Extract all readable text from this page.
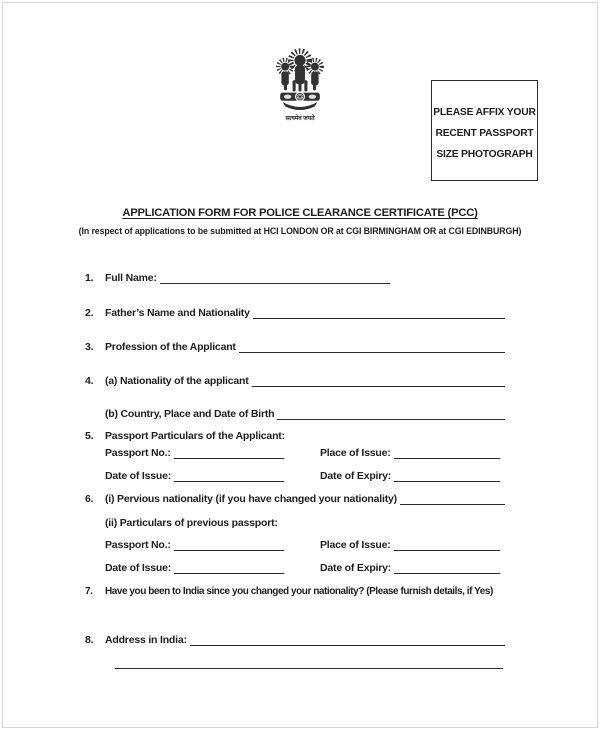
सत्यमेव जयते
PLEASE AFFIX YOUR
RECENT PASSPORT
SIZE PHOTOGRAPH
APPLICATION FORM FOR POLICE CLEARANCE CERTIFICATE (PCC)
(In respect of applications to be submitted at HCI LONDON OR at CGI BIRMINGHAM OR at CGI EDINBURGH)
1.	Full Name:
2.	Father’s Name and Nationality
3.	Profession of the Applicant
4.	(a) Nationality of the applicant
(b) Country, Place and Date of Birth
5.	Passport Particulars of the Applicant:
Passport No.:	Place of Issue:
Date of Issue:	Date of Expiry:
6.	(i) Pervious nationality (if you have changed your nationality)
(ii) Particulars of previous passport:
Passport No.:	Place of Issue:
Date of Issue:	Date of Expiry:
7.	Have you been to India since you changed your nationality? (Please furnish details, if Yes)
8.	Address in India:
